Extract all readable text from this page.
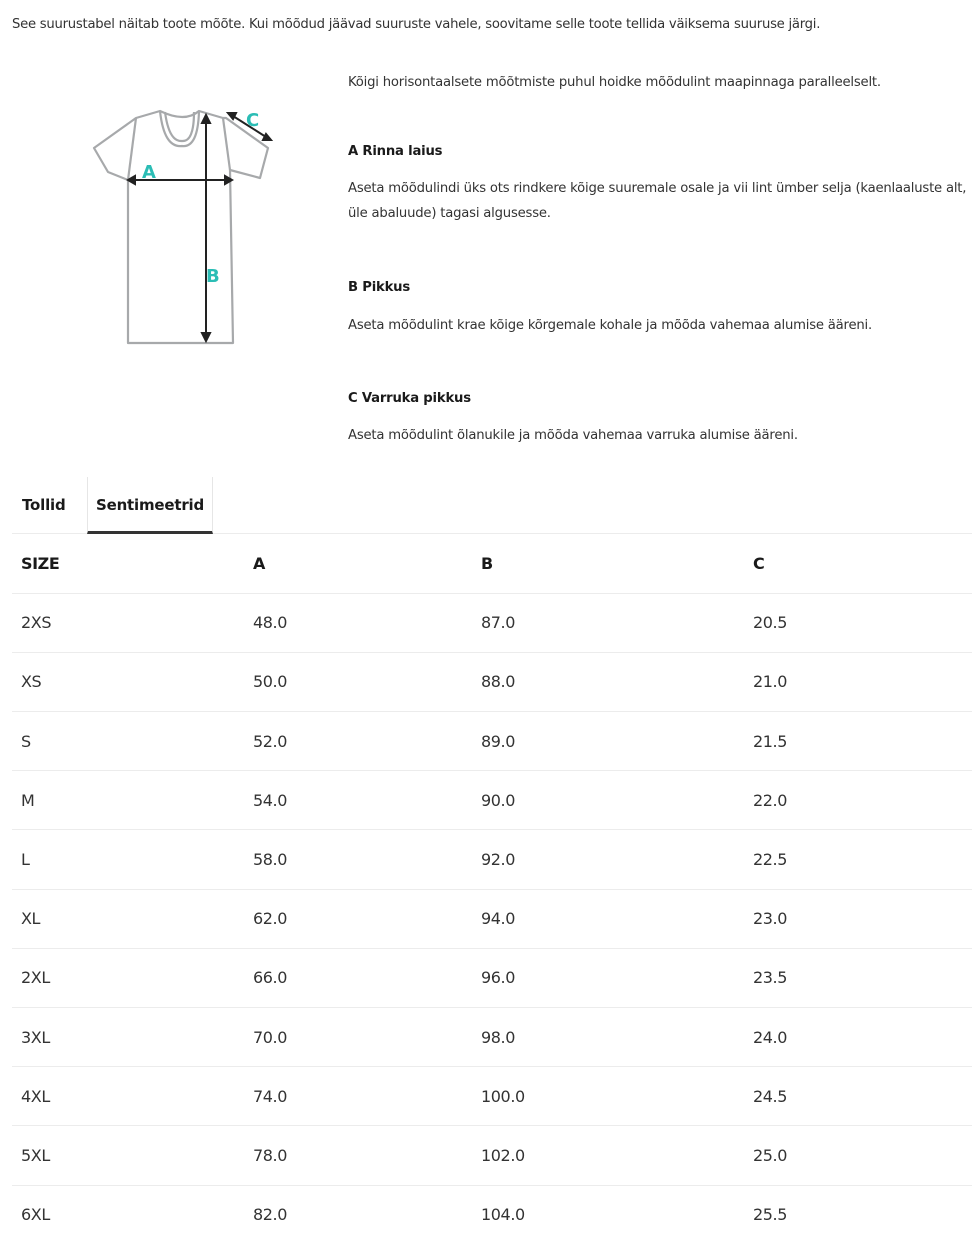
See suurustabel näitab toote mõõte. Kui mõõdud jäävad suuruste vahele, soovitame selle toote tellida väiksema suuruse järgi.

A
B
C

Kõigi horisontaalsete mõõtmiste puhul hoidke mõõdulint maapinnaga paralleelselt.

A Rinna laius

Aseta mõõdulindi üks ots rindkere kõige suuremale osale ja vii lint ümber selja (kaenlaaluste alt, üle abaluude) tagasi algusesse.

B Pikkus

Aseta mõõdulint krae kõige kõrgemale kohale ja mõõda vahemaa alumise ääreni.

C Varruka pikkus

Aseta mõõdulint õlanukile ja mõõda vahemaa varruka alumise ääreni.

Tollid	Sentimeetrid
SIZE	A	B	C
2XS	48.0	87.0	20.5
XS	50.0	88.0	21.0
S	52.0	89.0	21.5
M	54.0	90.0	22.0
L	58.0	92.0	22.5
XL	62.0	94.0	23.0
2XL	66.0	96.0	23.5
3XL	70.0	98.0	24.0
4XL	74.0	100.0	24.5
5XL	78.0	102.0	25.0
6XL	82.0	104.0	25.5
